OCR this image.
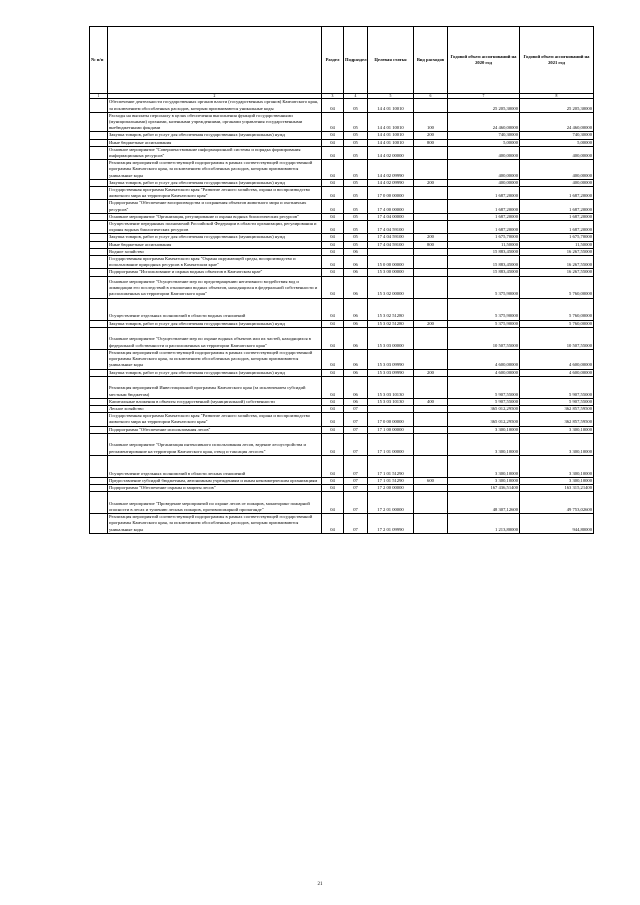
№ п/п		Раздел	Подраздел	Целевая статья	Вид расходов	Годовой объем ассигнований на 2020 год	Годовой объем ассигнований на 2021 год
1	2	3	4	5	6	7	8
	Обеспечение деятельности государственных органов власти (государственных органов) Камчатского края, за исключением обособленных расходов, которым присваиваются уникальные коды	04	05	14 4 01 10010		25 205,30000	25 205,30000
	Расходы на выплаты персоналу в целях обеспечения выполнения функций государственными (муниципальными) органами, казенными учреждениями, органами управления государственными внебюджетными фондами	04	05	14 4 01 10010	100	24 460,00000	24 460,00000
	Закупка товаров, работ и услуг для обеспечения государственных (муниципальных) нужд	04	05	14 4 01 10010	200	740,30000	740,30000
	Иные бюджетные ассигнования	04	05	14 4 01 10010	800	5,00000	5,00000
	Основное мероприятие "Совершенствование информационной системы и порядка формирования информационных ресурсов"	04	05	14 4 02 00000		400,00000	400,00000
	Реализация мероприятий соответствующей подпрограммы в рамках соответствующей государственной программы Камчатского края, за исключением обособленных расходов, которым присваиваются уникальные коды	04	05	14 4 02 09990		400,00000	400,00000
	Закупка товаров, работ и услуг для обеспечения государственных (муниципальных) нужд	04	05	14 4 02 09990	200	400,00000	400,00000
	Государственная программа Камчатского края "Развитие лесного хозяйства, охрана и воспроизводство животного мира на территории Камчатского края"	04	05	17 0 00 00000		1 687,20000	1 687,20000
	Подпрограмма "Обеспечение воспроизводства и сохранения объектов животного мира и охотничьих ресурсов"	04	05	17 4 00 00000		1 687,20000	1 687,20000
	Основное мероприятие "Организация, регулирование и охрана водных биологических ресурсов"	04	05	17 4 04 00000		1 687,20000	1 687,20000
	Осуществление переданных полномочий Российской Федерации в области организации, регулирования и охраны водных биологических ресурсов	04	05	17 4 04 59100		1 687,20000	1 687,20000
	Закупка товаров, работ и услуг для обеспечения государственных (муниципальных) нужд	04	05	17 4 04 59100	200	1 675,70000	1 675,70000
	Иные бюджетные ассигнования	04	05	17 4 04 59100	800	11,50000	11,50000
	Водное хозяйство	04	06			15 883,45000	16 267,55000
	Государственная программа Камчатского края "Охрана окружающей среды, воспроизводство и использование природных ресурсов в Камчатском крае"	04	06	15 0 00 00000		15 883,45000	16 267,55000
	Подпрограмма "Использование и охрана водных объектов в Камчатском крае"	04	06	15 3 00 00000		15 883,45000	16 267,55000
	Основное мероприятие "Осуществление мер по предотвращению негативного воздействия вод и ликвидации его последствий в отношении водных объектов, находящихся в федеральной собственности и расположенных на территории Камчатского края"	04	06	15 3 02 00000		5 375,90000	5 760,00000
	Осуществление отдельных полномочий в области водных отношений	04	06	15 3 02 51280		5 375,90000	5 760,00000
	Закупка товаров, работ и услуг для обеспечения государственных (муниципальных) нужд	04	06	15 3 02 51280	200	5 375,90000	5 760,00000
	Основное мероприятие "Осуществление мер по охране водных объектов или их частей, находящихся в федеральной собственности и расположенных на территории Камчатского края"	04	06	15 3 03 00000		10 507,55000	10 507,55000
	Реализация мероприятий соответствующей подпрограммы в рамках соответствующей государственной программы Камчатского края, за исключением обособленных расходов, которым присваиваются уникальные коды	04	06	15 3 03 09990		4 600,00000	4 600,00000
	Закупка товаров, работ и услуг для обеспечения государственных (муниципальных) нужд	04	06	15 3 03 09990	200	4 600,00000	4 600,00000
	Реализация мероприятий Инвестиционной программы Камчатского края (за исключением субсидий местным бюджетам)	04	06	15 3 03 10130		5 907,55000	5 907,55000
	Капитальные вложения в объекты государственной (муниципальной) собственности	04	06	15 3 03 10130	400	5 907,55000	5 907,55000
	Лесное хозяйство	04	07			365 012,29500	362 857,59500
	Государственная программа Камчатского края "Развитие лесного хозяйства, охрана и воспроизводство животного мира на территории Камчатского края"	04	07	17 0 00 00000		365 012,29500	362 857,59500
	Подпрограмма "Обеспечение использования лесов"	04	07	17 1 00 00000		3 300,10000	3 300,10000
	Основное мероприятие "Организация интенсивного использования лесов, ведение лесоустройства и регламентирование на территории Камчатского края, отвод и таксация лесосек"	04	07	17 1 01 00000		3 300,10000	3 300,10000
	Осуществление отдельных полномочий в области лесных отношений	04	07	17 1 01 51290		3 300,10000	3 300,10000
	Предоставление субсидий бюджетным, автономным учреждениям и иным некоммерческим организациям	04	07	17 1 01 51290	600	3 300,10000	3 300,10000
	Подпрограмма "Обеспечение охраны и защиты лесов"	04	07	17 2 00 00000		167 436,51400	163 315,21400
	Основное мероприятие "Проведение мероприятий по охране лесов от пожаров, мониторинг пожарной опасности в лесах и тушению лесных пожаров, противопожарной пропаганде"	04	07	17 2 01 00000		48 307,12600	49 753,02600
	Реализация мероприятий соответствующей подпрограммы в рамках соответствующей государственной программы Камчатского края, за исключением обособленных расходов, которым присваиваются уникальные коды	04	07	17 2 01 09990		1 213,80000	944,80000
21
